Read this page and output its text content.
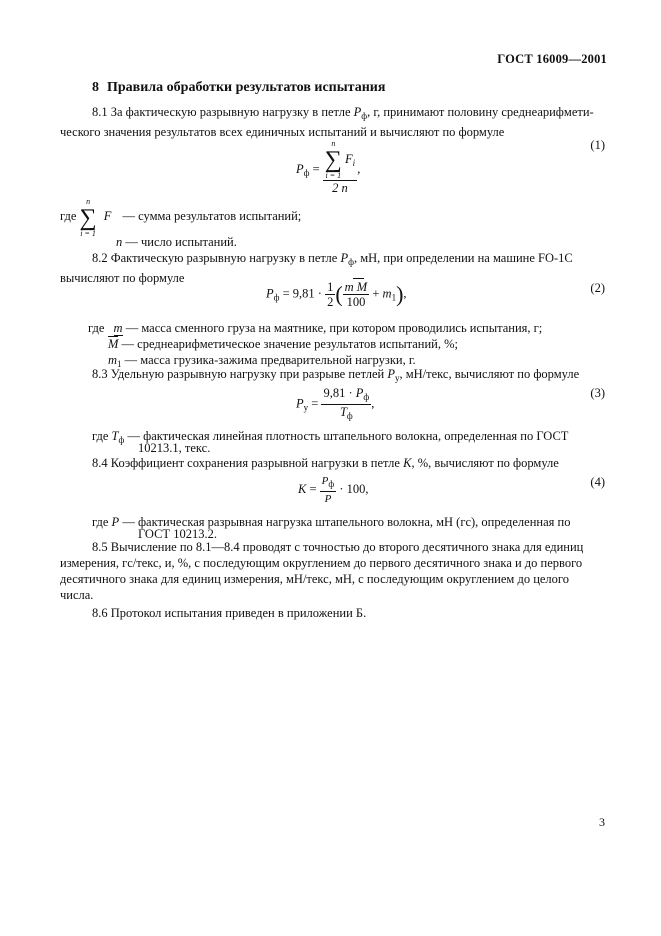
ГОСТ 16009—2001
8 Правила обработки результатов испытания
8.1 За фактическую разрывную нагрузку в петле $P_ф$, г, принимают половину среднеарифмети-
ческого значения результатов всех единичных испытаний и вычисляют по формуле
$P_ф = n$
∑
i = 1
$F_i$
2 n ,
(1)
где
n
∑
i = 1
F — сумма результатов испытаний;
n — число испытаний.
8.2 Фактическую разрывную нагрузку в петле $P_ф$, мН, при определении на машине FO-1C
вычисляют по формуле
$P_ф = 9,81 \cdot \frac{1}{2}$ ( $\frac{\text{m M}}{100} + m_1$),	(2)
где m — масса сменного груза на маятнике, при котором проводились испытания, г;
M — среднеарифметическое значение результатов испытаний, %;
$m_1$ — масса грузика-зажима предварительной нагрузки, г.
8.3 Удельную разрывную нагрузку при разрыве петлей $P_y$, мН/текс, вычисляют по формуле
$P_y = \frac{9,81 \cdot P_ф}{T_ф}$ ,
(3)
где $T_ф$ — фактическая линейная плотность штапельного волокна, определенная по ГОСТ
10213.1, текс.
8.4 Коэффициент сохранения разрывной нагрузки в петле K, %, вычисляют по формуле
$K = \frac{P_ф}{P} \cdot 100$,	(4)
где P — фактическая разрывная нагрузка штапельного волокна, мН (гс), определенная по
ГОСТ 10213.2.
8.5 Вычисление по 8.1—8.4 проводят с точностью до второго десятичного знака для единиц
измерения, гс/текс, и, %, с последующим округлением до первого десятичного знака и до первого
десятичного знака для единиц измерения, мН/текс, мН, с последующим округлением до целого
числа.
8.6 Протокол испытания приведен в приложении Б.
3
